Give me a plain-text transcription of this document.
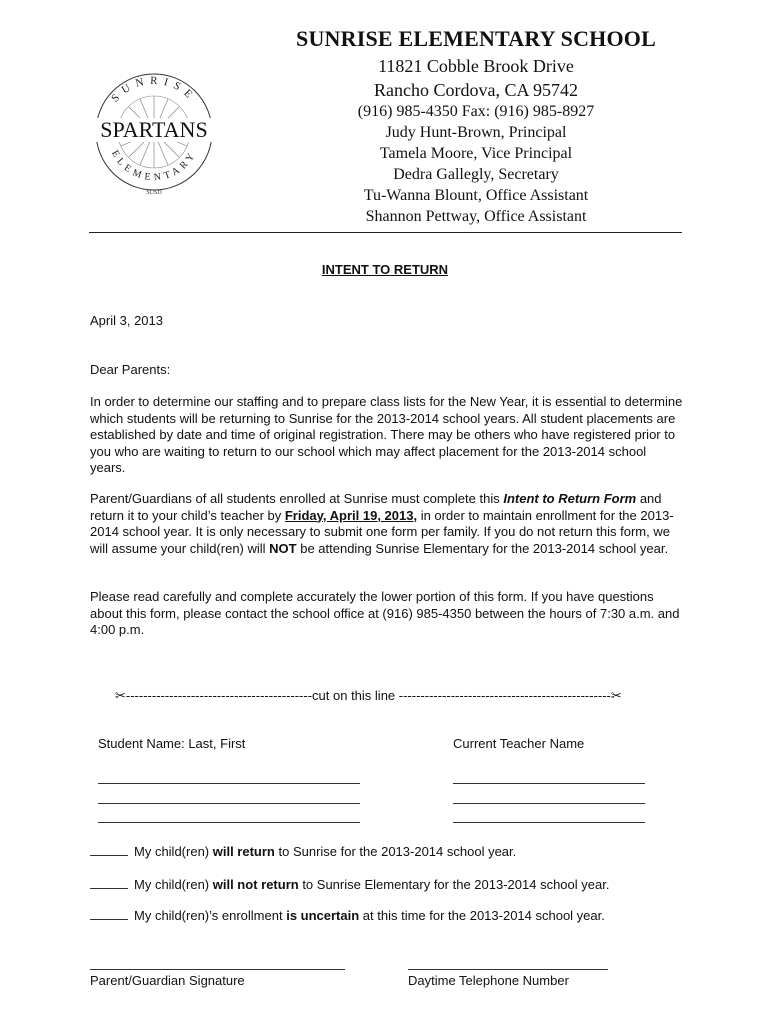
SUNRISE
ELEMENTARY
SPARTANS
SUSD
SUNRISE ELEMENTARY SCHOOL
11821 Cobble Brook Drive
Rancho Cordova, CA 95742
(916) 985-4350 Fax: (916) 985-8927
Judy Hunt-Brown, Principal
Tamela Moore, Vice Principal
Dedra Gallegly, Secretary
Tu-Wanna Blount, Office Assistant
Shannon Pettway, Office Assistant
INTENT TO RETURN
April 3, 2013
Dear Parents:

In order to determine our staffing and to prepare class lists for the New Year, it is essential to determine which students will be returning to Sunrise for the 2013-2014 school years. All student placements are established by date and time of original registration. There may be others who have registered prior to you who are waiting to return to our school which may affect placement for the 2013-2014 school years.

Parent/Guardians of all students enrolled at Sunrise must complete this Intent to Return Form and return it to your child’s teacher by Friday, April 19, 2013, in order to maintain enrollment for the 2013-2014 school year. It is only necessary to submit one form per family. If you do not return this form, we will assume your child(ren) will NOT be attending Sunrise Elementary for the 2013-2014 school year.

Please read carefully and complete accurately the lower portion of this form. If you have questions about this form, please contact the school office at (916) 985-4350 between the hours of 7:30 a.m. and 4:00 p.m.

✂-------------------------------------------cut on this line -------------------------------------------------✂
Student Name: Last, First	Current Teacher Name
My child(ren) will return to Sunrise for the 2013-2014 school year.
My child(ren) will not return to Sunrise Elementary for the 2013-2014 school year.
My child(ren)’s enrollment is uncertain at this time for the 2013-2014 school year.
Parent/Guardian Signature	Daytime Telephone Number
